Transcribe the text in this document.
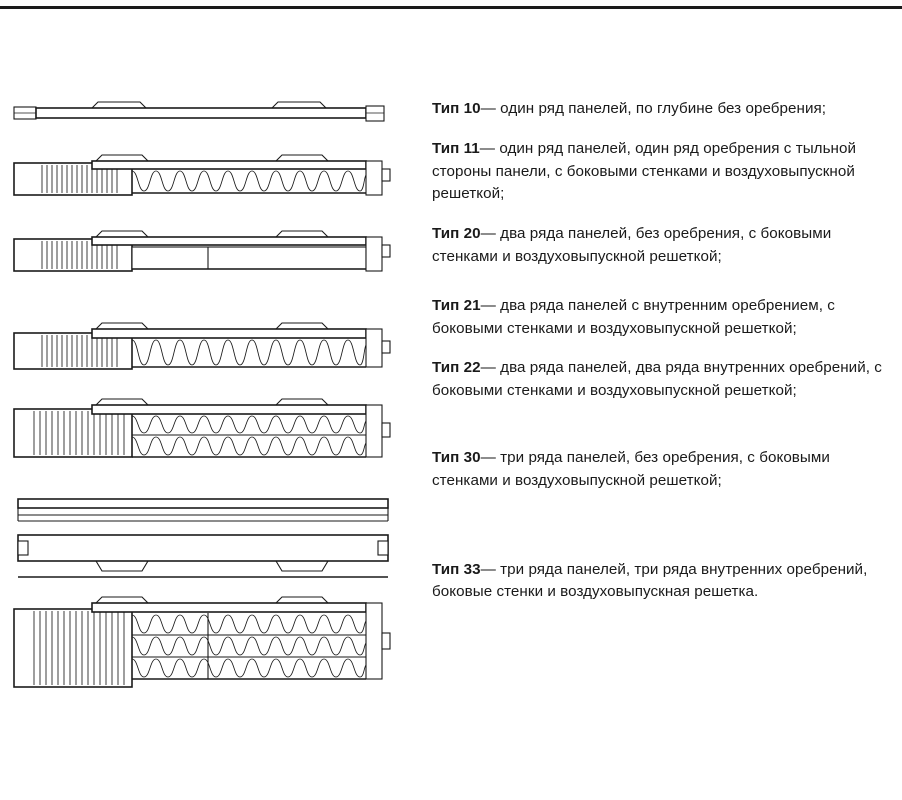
Тип 10— один ряд панелей, по глубине без оребрения;

Тип 11— один ряд панелей, один ряд оребрения с тыльной стороны панели, с боковыми стенками и воздуховыпускной решеткой;

Тип 20— два ряда панелей, без оребрения, с боковыми стенками и воздуховыпускной решеткой;

Тип 21— два ряда панелей с внутренним оребрением, с боковыми стенками и воздуховыпускной решеткой;

Тип 22— два ряда панелей, два ряда внутренних оребрений, с боковыми стенками и воздуховыпускной решеткой;

Тип 30— три ряда панелей, без оребрения, с боковыми стенками и воздуховыпускной решеткой;

Тип 33— три ряда панелей, три ряда внутренних оребрений, боковые стенки и воздуховыпускная решетка.
